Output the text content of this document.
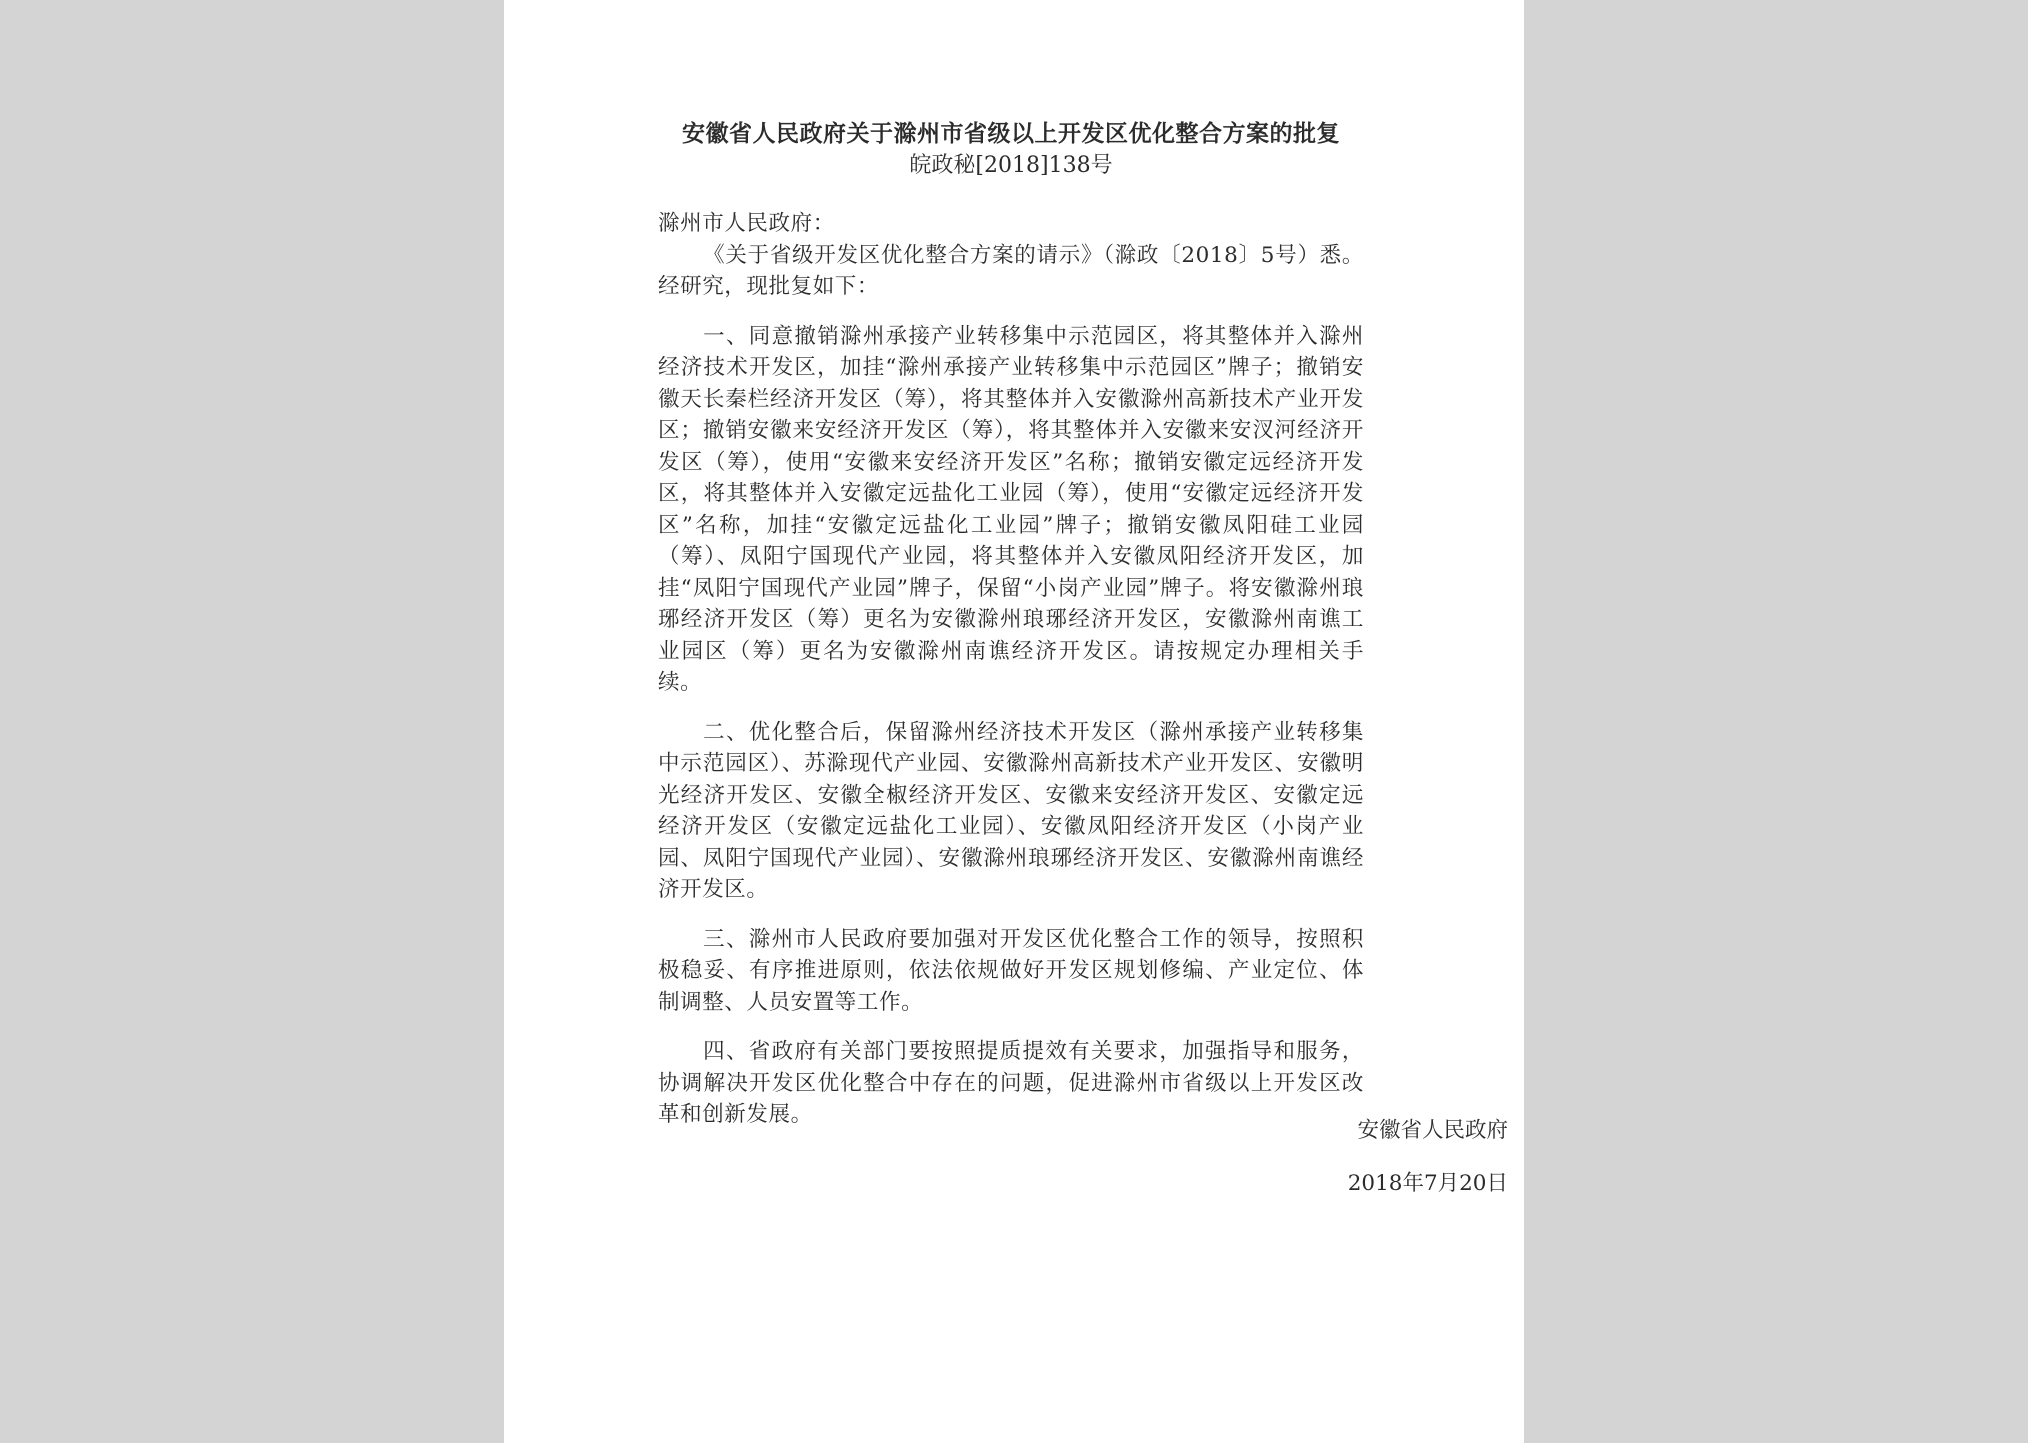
安徽省人民政府关于滁州市省级以上开发区优化整合方案的批复

皖政秘[2018]138号

滁州市人民政府：

《关于省级开发区优化整合方案的请示》（滁政〔2018〕5号）悉。经研究，现批复如下：

一、同意撤销滁州承接产业转移集中示范园区，将其整体并入滁州经济技术开发区，加挂“滁州承接产业转移集中示范园区”牌子；撤销安徽天长秦栏经济开发区（筹），将其整体并入安徽滁州高新技术产业开发区；撤销安徽来安经济开发区（筹），将其整体并入安徽来安汊河经济开发区（筹），使用“安徽来安经济开发区”名称；撤销安徽定远经济开发区，将其整体并入安徽定远盐化工业园（筹），使用“安徽定远经济开发区”名称，加挂“安徽定远盐化工业园”牌子；撤销安徽凤阳硅工业园（筹）、凤阳宁国现代产业园，将其整体并入安徽凤阳经济开发区，加挂“凤阳宁国现代产业园”牌子，保留“小岗产业园”牌子。将安徽滁州琅琊经济开发区（筹）更名为安徽滁州琅琊经济开发区，安徽滁州南谯工业园区（筹）更名为安徽滁州南谯经济开发区。请按规定办理相关手续。

二、优化整合后，保留滁州经济技术开发区（滁州承接产业转移集中示范园区）、苏滁现代产业园、安徽滁州高新技术产业开发区、安徽明光经济开发区、安徽全椒经济开发区、安徽来安经济开发区、安徽定远经济开发区（安徽定远盐化工业园）、安徽凤阳经济开发区（小岗产业园、凤阳宁国现代产业园）、安徽滁州琅琊经济开发区、安徽滁州南谯经济开发区。

三、滁州市人民政府要加强对开发区优化整合工作的领导，按照积极稳妥、有序推进原则，依法依规做好开发区规划修编、产业定位、体制调整、人员安置等工作。

四、省政府有关部门要按照提质提效有关要求，加强指导和服务，协调解决开发区优化整合中存在的问题，促进滁州市省级以上开发区改革和创新发展。

安徽省人民政府
2018年7月20日
